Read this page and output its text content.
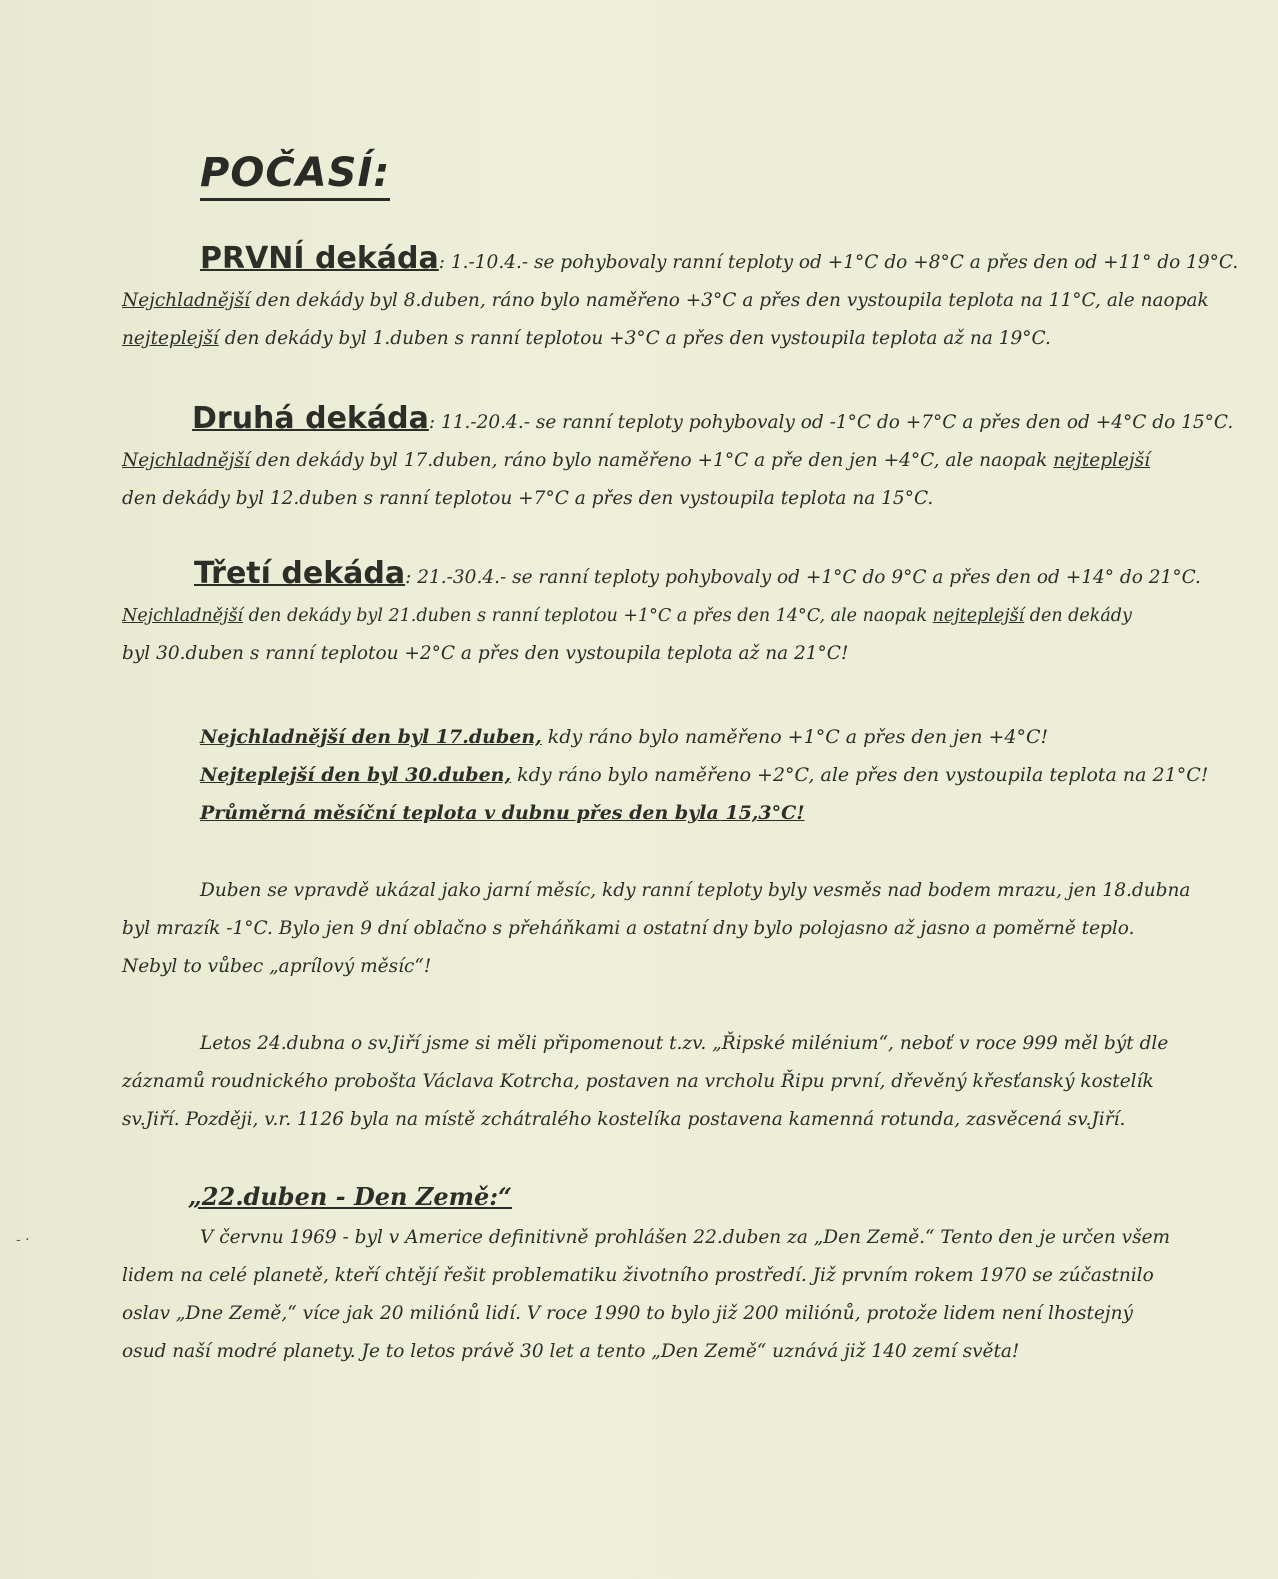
POČASÍ:
PRVNÍ dekáda: 1.-10.4.- se pohybovaly ranní teploty od +1°C do +8°C a přes den od +11° do 19°C.
Nejchladnější den dekády byl 8.duben, ráno bylo naměřeno +3°C a přes den vystoupila teplota na 11°C, ale naopak
nejteplejší den dekády byl 1.duben s ranní teplotou +3°C a přes den vystoupila teplota až na 19°C.
Druhá dekáda: 11.-20.4.- se ranní teploty pohybovaly od -1°C do +7°C a přes den od +4°C do 15°C.
Nejchladnější den dekády byl 17.duben, ráno bylo naměřeno +1°C a pře den jen +4°C, ale naopak nejteplejší
den dekády byl 12.duben s ranní teplotou +7°C a přes den vystoupila teplota na 15°C.
Třetí dekáda: 21.-30.4.- se ranní teploty pohybovaly od +1°C do 9°C a přes den od +14° do 21°C.
Nejchladnější den dekády byl 21.duben s ranní teplotou +1°C a přes den 14°C, ale naopak nejteplejší den dekády
byl 30.duben s ranní teplotou +2°C a přes den vystoupila teplota až na 21°C!
Nejchladnější den byl 17.duben, kdy ráno bylo naměřeno +1°C a přes den jen +4°C!
Nejteplejší den byl 30.duben, kdy ráno bylo naměřeno +2°C, ale přes den vystoupila teplota na 21°C!
Průměrná měsíční teplota v dubnu přes den byla 15,3°C!
Duben se vpravdě ukázal jako jarní měsíc, kdy ranní teploty byly vesměs nad bodem mrazu, jen 18.dubna
byl mrazík -1°C. Bylo jen 9 dní oblačno s přeháňkami a ostatní dny bylo polojasno až jasno a poměrně teplo.
Nebyl to vůbec „aprílový měsíc“!
Letos 24.dubna o sv.Jiří jsme si měli připomenout t.zv. „Řipské milénium“, neboť v roce 999 měl být dle
záznamů roudnického probošta Václava Kotrcha, postaven na vrcholu Řipu první, dřevěný křesťanský kostelík
sv.Jiří. Později, v.r. 1126 byla na místě zchátralého kostelíka postavena kamenná rotunda, zasvěcená sv.Jiří.
„22.duben - Den Země:“
V červnu 1969 - byl v Americe definitivně prohlášen 22.duben za „Den Země.“ Tento den je určen všem
lidem na celé planetě, kteří chtějí řešit problematiku životního prostředí. Již prvním rokem 1970 se zúčastnilo
oslav „Dne Země,“ více jak 20 miliónů lidí. V roce 1990 to bylo již 200 miliónů, protože lidem není lhostejný
osud naší modré planety. Je to letos právě 30 let a tento „Den Země“ uznává již 140 zemí světa!
- ·
